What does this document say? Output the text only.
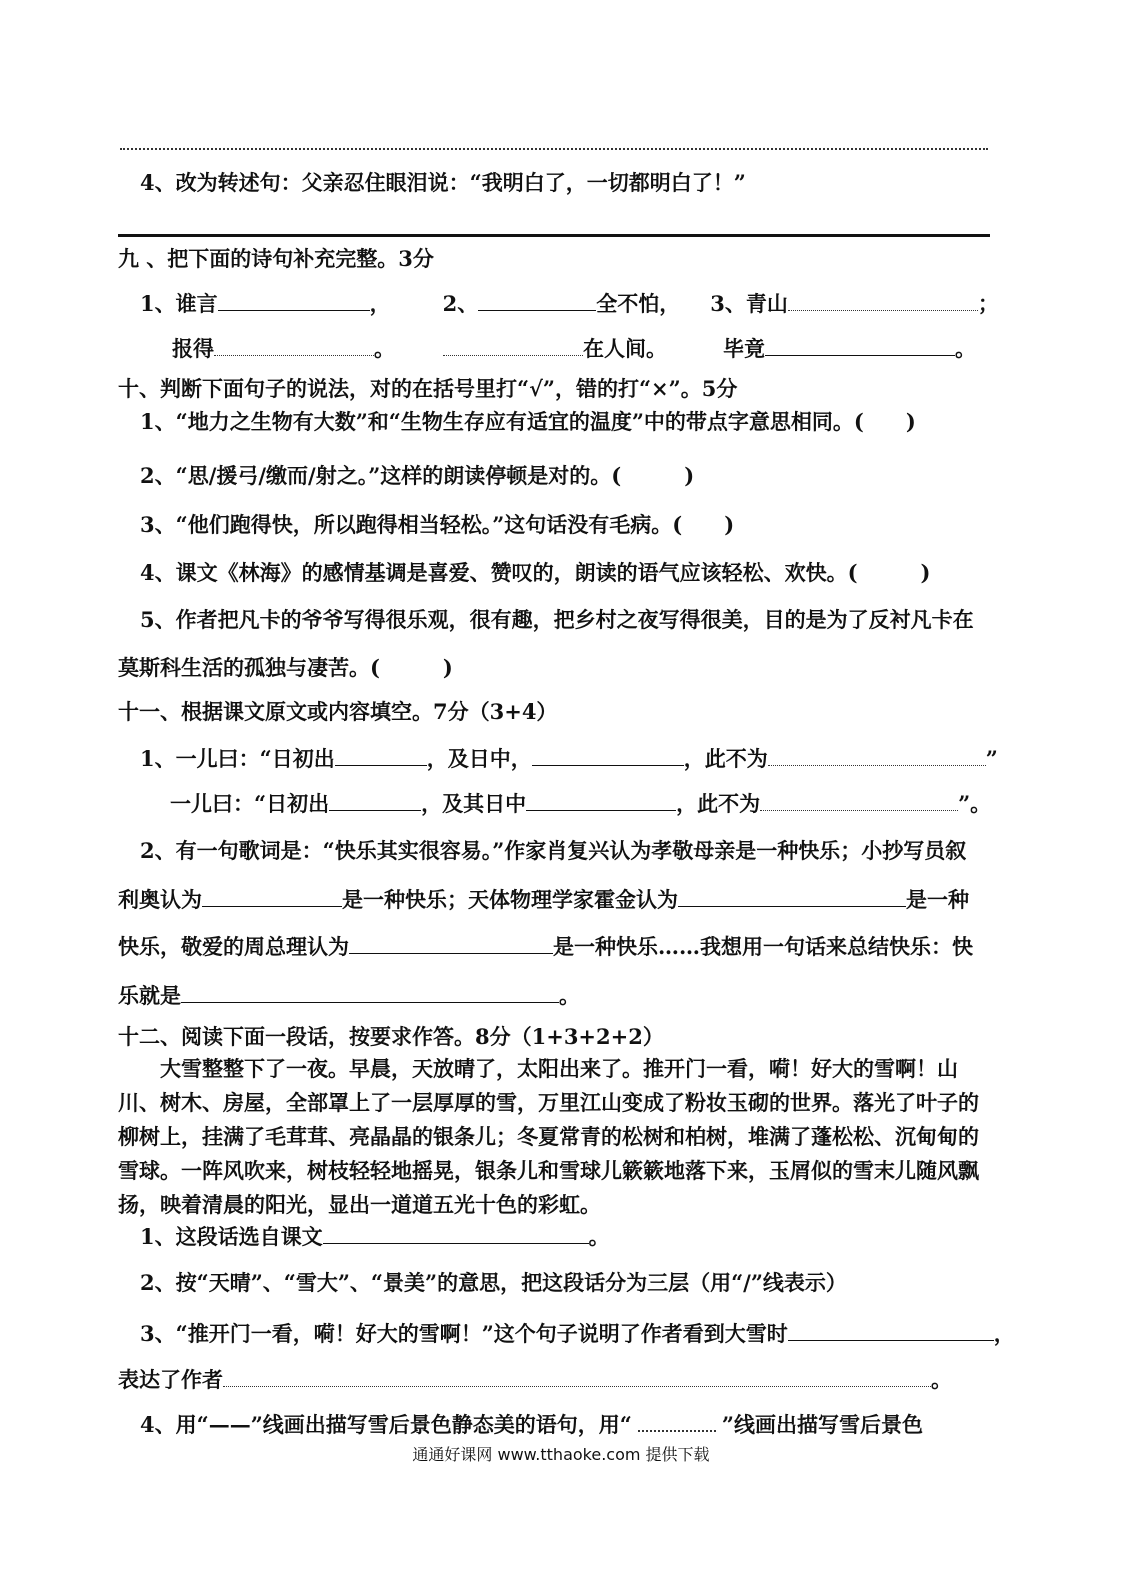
4、改为转述句：父亲忍住眼泪说：“我明白了，一切都明白了！”
九 、把下面的诗句补充完整。3分
1、谁言	， 2、	全不怕， 3、青山	；
报得	。	在人间。	毕竟	。
十、判断下面句子的说法，对的在括号里打“√”，错的打“×”。5分
1、“地力之生物有大数”和“生物生存应有适宜的温度”中的带点字意思相同。(　　)
2、“思/援弓/缴而/射之。”这样的朗读停顿是对的。(　　　)
3、“他们跑得快，所以跑得相当轻松。”这句话没有毛病。(　　)
4、课文《林海》的感情基调是喜爱、赞叹的，朗读的语气应该轻松、欢快。(　　　)
5、作者把凡卡的爷爷写得很乐观，很有趣，把乡村之夜写得很美，目的是为了反衬凡卡在
莫斯科生活的孤独与凄苦。(　　　)
十一、根据课文原文或内容填空。7分（3+4）
1、一儿曰：“日初出	，及日中，	，此不为	”
一儿曰：“日初出	，及其日中	，此不为	”。
2、有一句歌词是：“快乐其实很容易。”作家肖复兴认为孝敬母亲是一种快乐；小抄写员叙
利奥认为	是一种快乐；天体物理学家霍金认为	是一种
快乐，敬爱的周总理认为	是一种快乐……我想用一句话来总结快乐：快
乐就是	。
十二、阅读下面一段话，按要求作答。8分（1+3+2+2）
大雪整整下了一夜。早晨，天放晴了，太阳出来了。推开门一看，嗬！好大的雪啊！山川、树木、房屋，全部罩上了一层厚厚的雪，万里江山变成了粉妆玉砌的世界。落光了叶子的柳树上，挂满了毛茸茸、亮晶晶的银条儿；冬夏常青的松树和柏树，堆满了蓬松松、沉甸甸的雪球。一阵风吹来，树枝轻轻地摇晃，银条儿和雪球儿簌簌地落下来，玉屑似的雪末儿随风飘扬，映着清晨的阳光，显出一道道五光十色的彩虹。
1、这段话选自课文	。
2、按“天晴”、“雪大”、“景美”的意思，把这段话分为三层（用“/”线表示）
3、“推开门一看，嗬！好大的雪啊！”这个句子说明了作者看到大雪时	，
表达了作者	。
4、用“——”线画出描写雪后景色静态美的语句，用“	”线画出描写雪后景色
通通好课网 www.tthaoke.com 提供下载
